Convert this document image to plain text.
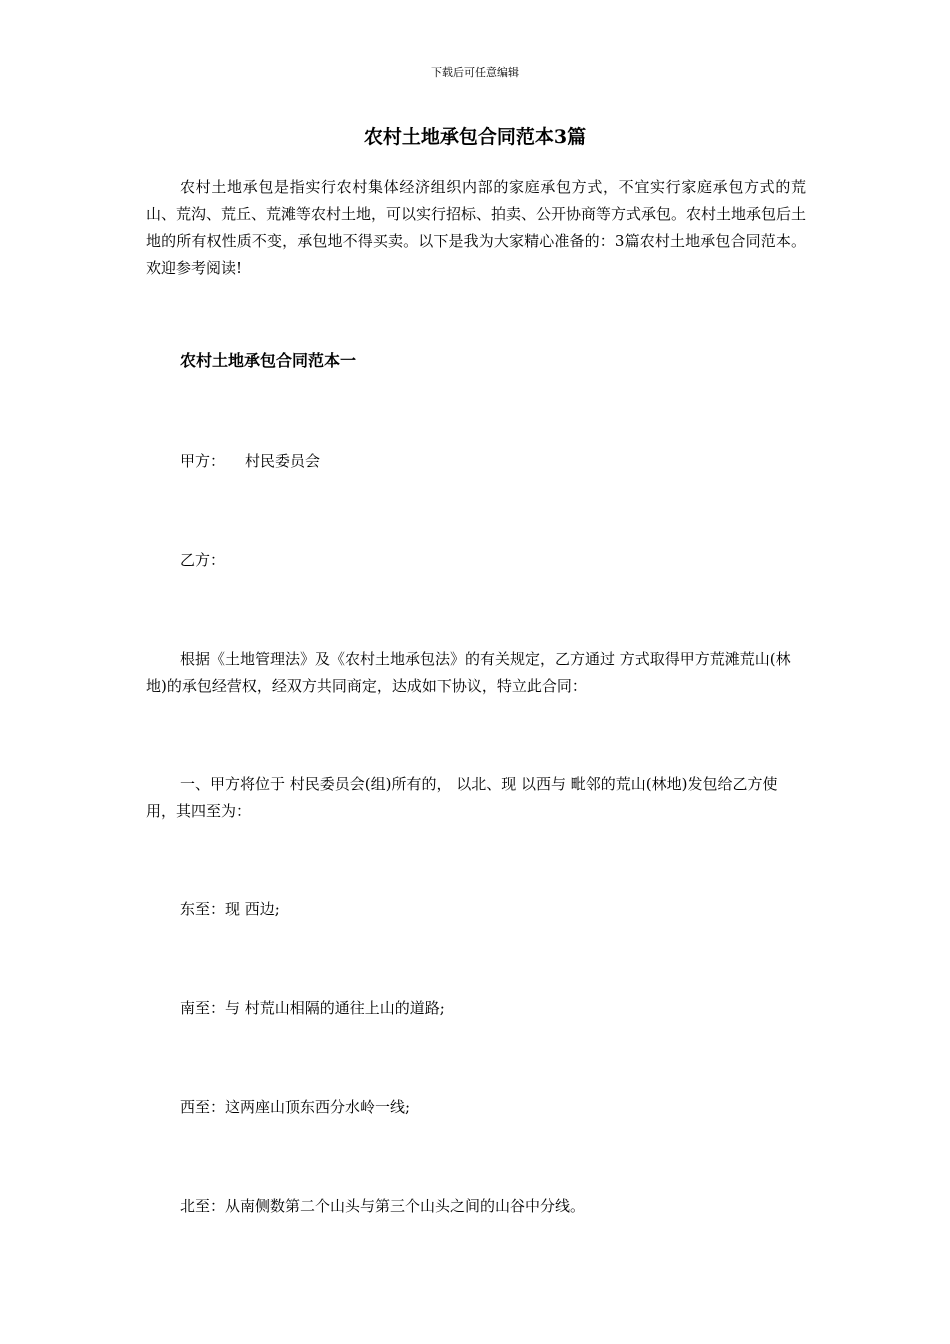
下载后可任意编辑
农村土地承包合同范本3篇

农村土地承包是指实行农村集体经济组织内部的家庭承包方式，不宜实行家庭承包方式的荒山、荒沟、荒丘、荒滩等农村土地，可以实行招标、拍卖、公开协商等方式承包。农村土地承包后土地的所有权性质不变，承包地不得买卖。以下是我为大家精心准备的：3篇农村土地承包合同范本。欢迎参考阅读!

农村土地承包合同范本一

甲方： 村民委员会

乙方：

根据《土地管理法》及《农村土地承包法》的有关规定，乙方通过 方式取得甲方荒滩荒山(林地)的承包经营权，经双方共同商定，达成如下协议，特立此合同：

一、甲方将位于 村民委员会(组)所有的， 以北、现 以西与 毗邻的荒山(林地)发包给乙方使用，其四至为：

东至：现 西边;

南至：与 村荒山相隔的通往上山的道路;

西至：这两座山顶东西分水岭一线;

北至：从南侧数第二个山头与第三个山头之间的山谷中分线。
